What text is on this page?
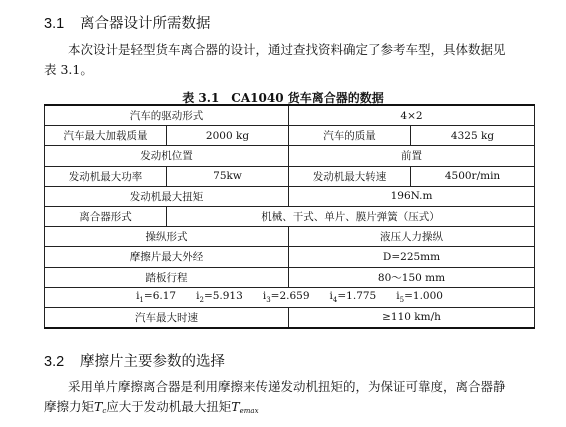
3.1 离合器设计所需数据
本次设计是轻型货车离合器的设计，通过查找资料确定了参考车型，具体数据见
表 3.1。
表 3.1　CA1040 货车离合器的数据
汽车的驱动形式		4×2	
汽车最大加载质量	2000 kg	汽车的质量	4325 kg
发动机位置		前置	
发动机最大功率	75kw	发动机最大转速	4500r/min
发动机最大扭矩		196N.m	
离合器形式	机械、干式、单片、膜片弹簧（压式）		
操纵形式		液压人力操纵	
摩擦片最大外经		D=225mm	
踏板行程		80～150 mm	
$i_1=6.17$ $i_2=5.913$ $i_3=2.659$ $i_4=1.775$ $i_5=1.000$			
汽车最大时速		≥110 km/h	
3.2 摩擦片主要参数的选择
采用单片摩擦离合器是利用摩擦来传递发动机扭矩的，为保证可靠度，离合器静
摩擦力矩$T_c$应大于发动机最大扭矩$T_{emax}$
